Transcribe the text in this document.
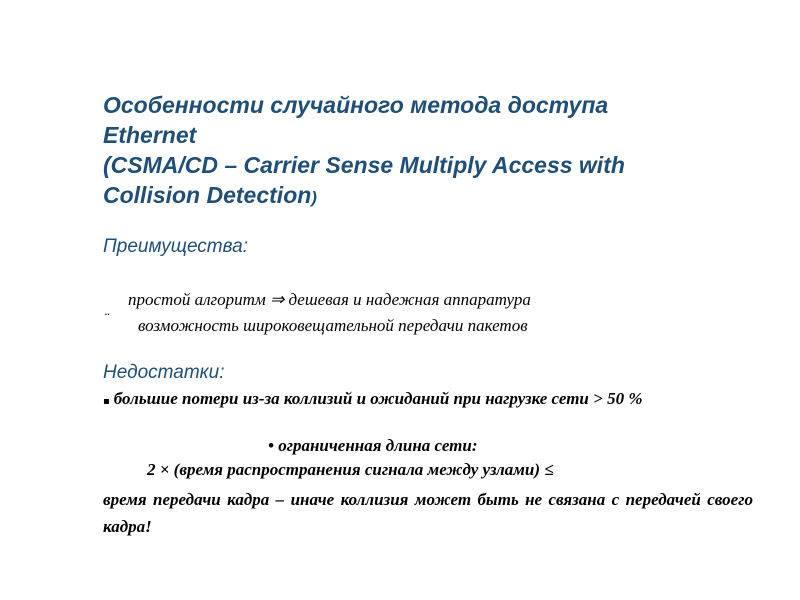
Особенности случайного метода доступа
Ethernet
(CSMA/CD – Carrier Sense Multiply Access with
Collision Detection)
Преимущества:
простой алгоритм ⇒ дешевая и надежная аппаратура
¨ возможность широковещательной передачи пакетов
Недостатки:
▪ большие потери из-за коллизий и ожиданий при нагрузке сети > 50 %
• ограниченная длина сети:
2 × (время распространения сигнала между узлами) ≤
время передачи кадра – иначе коллизия может быть не связана с передачей своего кадра!
